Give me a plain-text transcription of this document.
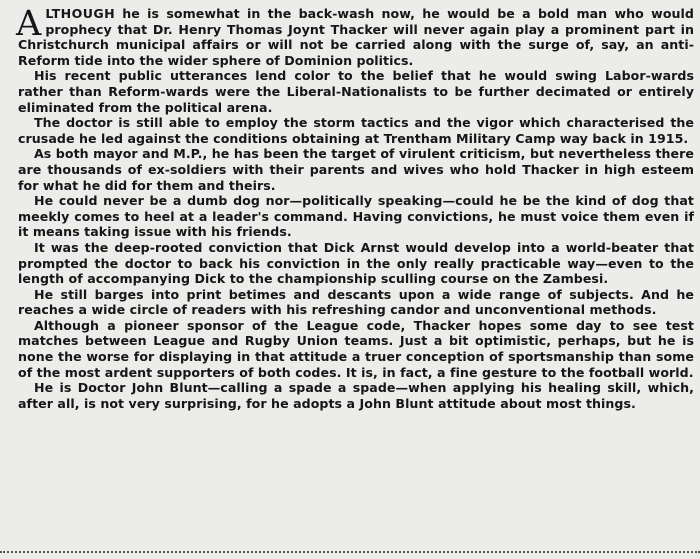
ALTHOUGH he is somewhat in the back-wash now, he would be a bold man who would prophecy that Dr. Henry Thomas Joynt Thacker will never again play a prominent part in Christchurch municipal affairs or will not be carried along with the surge of, say, an anti-Reform tide into the wider sphere of Dominion politics.

His recent public utterances lend color to the belief that he would swing Labor-wards rather than Reform-wards were the Liberal-Nationalists to be further decimated or entirely eliminated from the political arena.

The doctor is still able to employ the storm tactics and the vigor which characterised the crusade he led against the conditions obtaining at Trentham Military Camp way back in 1915.

As both mayor and M.P., he has been the target of virulent criticism, but nevertheless there are thousands of ex-soldiers with their parents and wives who hold Thacker in high esteem for what he did for them and theirs.

He could never be a dumb dog nor—politically speaking—could he be the kind of dog that meekly comes to heel at a leader's command. Having convictions, he must voice them even if it means taking issue with his friends.

It was the deep-rooted conviction that Dick Arnst would develop into a world-beater that prompted the doctor to back his conviction in the only really practicable way—even to the length of accompanying Dick to the championship sculling course on the Zambesi.

He still barges into print betimes and descants upon a wide range of subjects. And he reaches a wide circle of readers with his refreshing candor and unconventional methods.

Although a pioneer sponsor of the League code, Thacker hopes some day to see test matches between League and Rugby Union teams. Just a bit optimistic, perhaps, but he is none the worse for displaying in that attitude a truer conception of sportsmanship than some of the most ardent supporters of both codes. It is, in fact, a fine gesture to the football world.

He is Doctor John Blunt—calling a spade a spade—when applying his healing skill, which, after all, is not very surprising, for he adopts a John Blunt attitude about most things.
